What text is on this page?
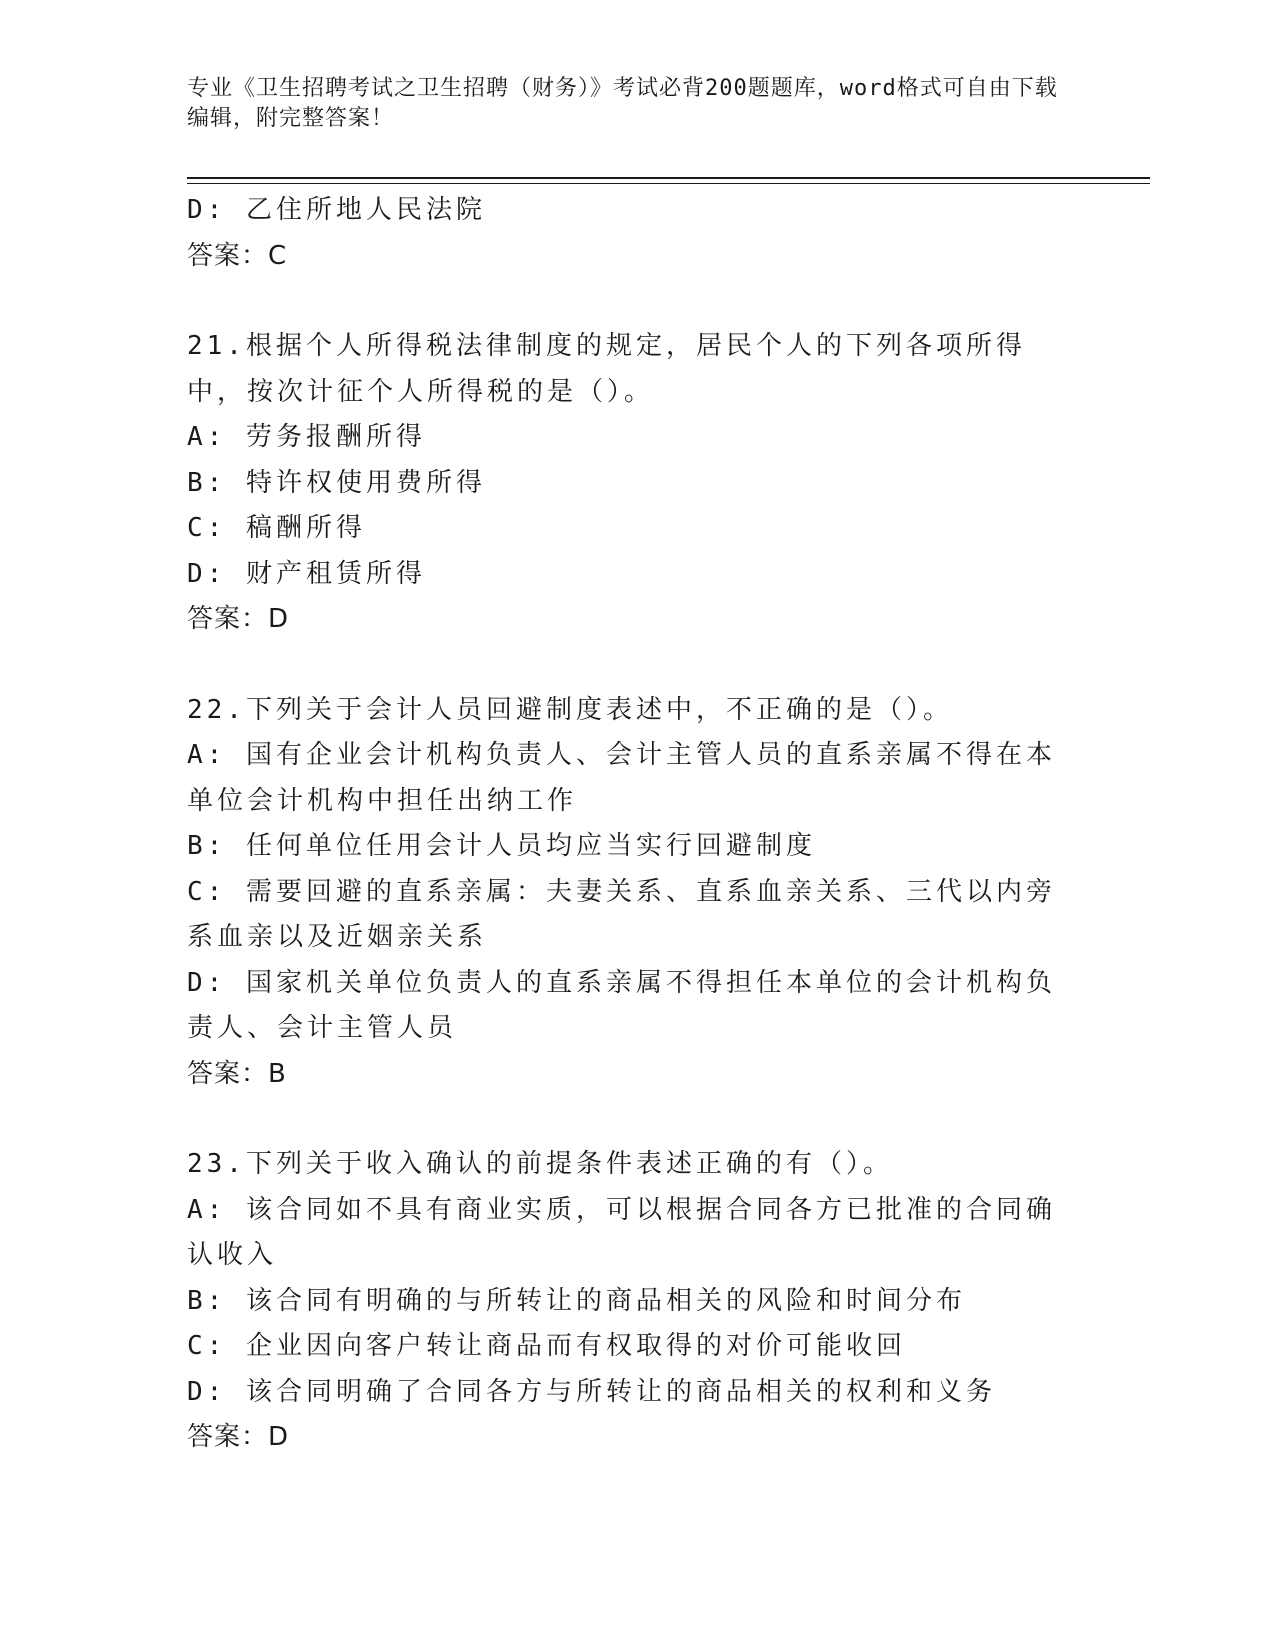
专业《卫生招聘考试之卫生招聘（财务）》考试必背200题题库，word格式可自由下载编辑，附完整答案！
D: 乙住所地人民法院
答案：C
21.根据个人所得税法律制度的规定，居民个人的下列各项所得中，按次计征个人所得税的是（）。
A: 劳务报酬所得
B: 特许权使用费所得
C: 稿酬所得
D: 财产租赁所得
答案：D
22.下列关于会计人员回避制度表述中，不正确的是（）。
A: 国有企业会计机构负责人、会计主管人员的直系亲属不得在本单位会计机构中担任出纳工作
B: 任何单位任用会计人员均应当实行回避制度
C: 需要回避的直系亲属：夫妻关系、直系血亲关系、三代以内旁系血亲以及近姻亲关系
D: 国家机关单位负责人的直系亲属不得担任本单位的会计机构负责人、会计主管人员
答案：B
23.下列关于收入确认的前提条件表述正确的有（）。
A: 该合同如不具有商业实质，可以根据合同各方已批准的合同确认收入
B: 该合同有明确的与所转让的商品相关的风险和时间分布
C: 企业因向客户转让商品而有权取得的对价可能收回
D: 该合同明确了合同各方与所转让的商品相关的权利和义务
答案：D
